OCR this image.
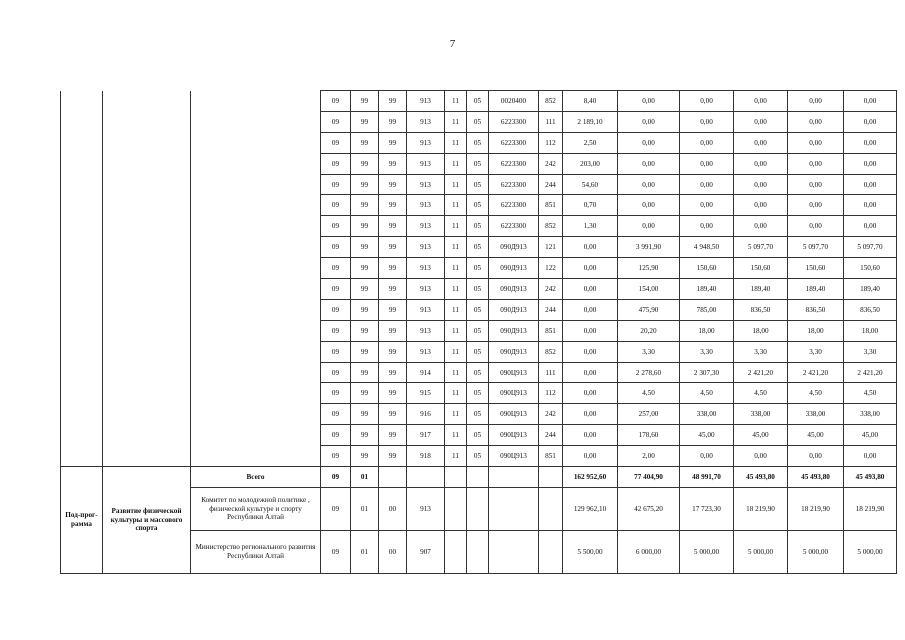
7
			09	99	99	913	11	05	0020400	852	8,40	0,00	0,00	0,00	0,00	0,00
			09	99	99	913	11	05	6223300	111	2 189,10	0,00	0,00	0,00	0,00	0,00
			09	99	99	913	11	05	6223300	112	2,50	0,00	0,00	0,00	0,00	0,00
			09	99	99	913	11	05	6223300	242	203,00	0,00	0,00	0,00	0,00	0,00
			09	99	99	913	11	05	6223300	244	54,60	0,00	0,00	0,00	0,00	0,00
			09	99	99	913	11	05	6223300	851	0,70	0,00	0,00	0,00	0,00	0,00
			09	99	99	913	11	05	6223300	852	1,30	0,00	0,00	0,00	0,00	0,00
			09	99	99	913	11	05	090Д913	121	0,00	3 991,90	4 948,50	5 097,70	5 097,70	5 097,70
			09	99	99	913	11	05	090Д913	122	0,00	125,90	150,60	150,60	150,60	150,60
			09	99	99	913	11	05	090Д913	242	0,00	154,00	189,40	189,40	189,40	189,40
			09	99	99	913	11	05	090Д913	244	0,00	475,90	785,00	836,50	836,50	836,50
			09	99	99	913	11	05	090Д913	851	0,00	20,20	18,00	18,00	18,00	18,00
			09	99	99	913	11	05	090Д913	852	0,00	3,30	3,30	3,30	3,30	3,30
			09	99	99	914	11	05	090Ц913	111	0,00	2 278,60	2 307,30	2 421,20	2 421,20	2 421,20
			09	99	99	915	11	05	090Ц913	112	0,00	4,50	4,50	4,50	4,50	4,50
			09	99	99	916	11	05	090Ц913	242	0,00	257,00	338,00	338,00	338,00	338,00
			09	99	99	917	11	05	090Ц913	244	0,00	178,60	45,00	45,00	45,00	45,00
			09	99	99	918	11	05	090Ц913	851	0,00	2,00	0,00	0,00	0,00	0,00
Под-прог-рамма	Развитие физической культуры и массового спорта	Всего	09	01							162 952,60	77 404,90	48 991,70	45 493,80	45 493,80	45 493,80
		Комитет по молодежной политике , физической культуре и спорту Республики Алтай	09	01	00	913					129 962,10	42 675,20	17 723,30	18 219,90	18 219,90	18 219,90
		Министерство регионального развития Республики Алтай	09	01	00	907					5 500,00	6 000,00	5 000,00	5 000,00	5 000,00	5 000,00
